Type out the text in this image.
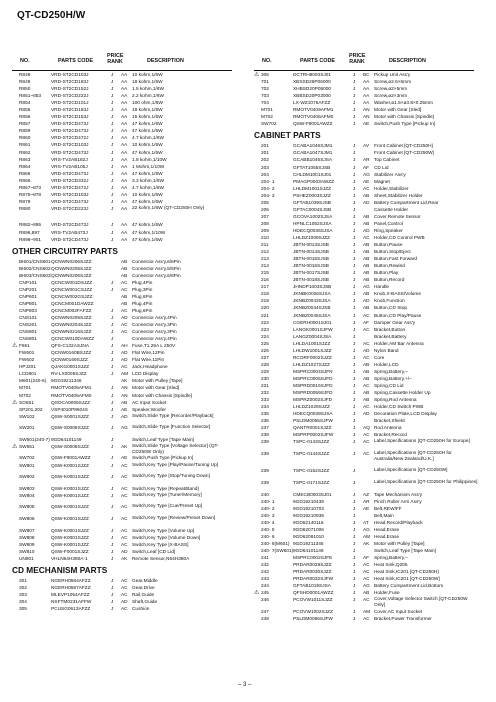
QT-CD250H/W
NO.	PARTS CODE
PRICE
RANK	DESCRIPTION
R848	VRD-ST2CD103J	J	AA 10 kohm,1/6W
R849	VRD-ST2CD183J	J	AA 18 kohm,1/6W
R850	VRD-ST2CD152J	J	AA 1.5 kohm,1/6W
R851~853	VRD-ST2CD222J	J	AA 2.2 kohm,1/6W
R854	VRD-ST2CD101J	J	AA 100 ohm,1/6W
R855	VRD-ST2CD183J	J	AA 18 kohm,1/6W
R856	VRD-ST2CD153J	J	AA 15 kohm,1/6W
R857	VRD-ST2CD473J	J	AA 47 kohm,1/6W
R859	VRD-ST2CD473J	J	AA 47 kohm,1/6W
R860	VRD-ST2CD472J	J	AA 4.7 kohm,1/6W
R861	VRD-ST2CD103J	J	AA 10 kohm,1/6W
R862	VRD-ST2CD473J	J	AA 47 kohm,1/6W
R863	VRS-TV2AB182J	J	AA 1.8 kohm,1/10W
R864	VRS-TV2AB105J	J	AA 1 Mohm,1/10W
R865	VRD-ST2CD473J	J	AA 47 kohm,1/6W
R866	VRD-ST2CD332J	J	AA 3.3 kohm,1/6W
R867~873	VRD-ST2CD472J	J	AA 4.7 kohm,1/6W
R875~878	VRD-ST2CD103J	J	AA 10 kohm,1/6W
R879	VRD-ST2CD473J	J	AA 47 kohm,1/6W
R880	VRD-ST2CD223J	J	AA 22 kohm,1/6W (QT-CD250H Only)
R882~895	VRD-ST2CD473J	J	AA 47 kohm,1/6W
R896,897	VRS-TV2AB473J	J	AA 47 kohm,1/10W
R898~901	VRD-ST2CD473J	J	AA 47 kohm,1/6W
OTHER CIRCUITRY PARTS
BI601/CNS601 QCNWN0206SJZZ	AB Connector Ass'y,6/6Pin
BI602/CNS602 QCNWN0205SJZZ	AB Connector Ass'y,5/5Pin
BI603/CNS603 QCNWN0206SJZZ	AB Connector Ass'y,6/6Pin
CNP101	QCNCW001DSJZZ	J	AC Plug,4Pin
CNP201	QCNCW001CSJZZ	J	AC Plug,3Pin
CNP601	QCNCW002GSJZZ	AB Plug,6Pin
CNP801	QCNCM001DAWZZ	AB Plug,4Pin
CNP803	QCNCM002FAFZZ	J	AC Plug,6Pin
CNS101	QCNWN0205SJZZ	J	AD Connector Ass'y,4Pin
CNS201	QCNWN0204SJZZ	J	AC Connector Ass'y,3Pin
CNS801	QCNWN0216SJZZ	J	AC Connector Ass'y,3Pin
CNS801	QCNCW010DAWZZ	J	Connector Ass'y,4Pin
⚠ F651	QFS-C132ASJNA	J	AH Fuse,T1.25A L 250V
FW601	QCNW0160BSJZZ	J	AD Flat Wire,12Pin
FW602	QCNW0169SJZZ	J	AD Flat Wire,11Pin
HPJ201	QJAKG0001SJZZ	J	AC Jack,Headphone
LCD801	RV-LX0005SJZZ	J	AM LCD Display
M601(240-6)	9GD19211346	AK Motor with Pulley [Tape]
M701	RMOTV0406AFM1	J	AN Motor with Gear [Sled]
M702	RMOTV0406AFM0	J	AN Motor with Chassis [Spindle]
⚠ SO651	QSOCA0005SJZZ	J	AB AC Input Socket
SP201,202	VSP4010P8604S	J	AE Speaker,Woofer
SW102	QSW-S0001SJZZ	J	AD Switch,Slide Type [Recorder/Playback]
SW201	QSW-S0008SJZZ	J	AG Switch,Slide Type [Function Selector]
SW601(240-7) 9GD64101149	J	Switch,Leaf Type [Tape Main]
⚠ SW651	QSW-S0008SJZZ	J	AK Switch,Slide Type [Voltage Selector] (QT-CD250W Only)
SW702	QSW-F9001AWZZ	J	AE Switch,Push Type [Pickup In]
SW801	QSW-K0001SJZZ	J	AC Switch,Key Type [Play/Pause/Tuning Up]
SW802	QSW-K0001SJZZ	J	AC Switch,Key Type [Stop/Tuning Down]
SW803	QSW-K0001SJZZ	J	AC Switch,Key Type [Repeat/Band]
SW804	QSW-K0001SJZZ	J	AC Switch,Key Type [Tuner/Memory]
SW805	QSW-K0001SJZZ	J	AC Switch,Key Type [Cue/Preset Up]
SW806	QSW-K0001SJZZ	J	AC Switch,Key Type [Review/Preset Down]
SW807	QSW-K0001SJZZ	J	AC Switch,Key Type [Volume Up]
SW808	QSW-K0001SJZZ	J	AC Switch,Key Type [Volume Down]
SW809	QSW-K0001SJZZ	J	AC Switch,Key Type [X-BASS]
SW810	QSW-F0001SJZZ	J	AD Switch,Leaf [CD Lid]
UN801	VHLN64H380A-1	J	AK Remote Sensor,N64H380A
CD MECHANISM PARTS
301	NGERH0584AFZZ	J	AC Gear,Middle
302	NGERH0587AFZZ	J	AC Gear,Drive
303	MLEVP1054AFZZ	J	AC Rail,Guide
304	NSFTM0231AFFW	J	AD Shaft,Guide
305	PCUSG0613AFZZ	J	AC Cushion
NO.	PARTS CODE
PRICE
RANK	DESCRIPTION
⚠ 306	DCTRH8003SJ01	J	BC Pickup Unit Ass'y
701	XBSSD26P06000	J	AA Screw,ø2.6×6mm
702	XHBSD20P05000	J	AA Screw,ø2×5mm
703	XBBSD20P03000	J	AA Screw,ø2×3mm
704	LX-WZ1076AFZZ	J	AA Washer,ø1.5×ø3.8×0.25mm
M701	RMOTV0409AFM1	J	AN Motor with Gear [Sled]
M702	RMOTV0406AFM0	J	AN Motor with Chassis [Spindle]
SW702	QSW-F9001AWZZ	J	AE Switch,Push Type [Pickup In]
CABINET PARTS
201	GCABA1046SJM1	J	AV	Front Cabinet [QT-CD250H]
201	GCABA1047SJM1	J	Front Cabinet [QT-CD250W]
202	GCABB1046SJSA	J	AR Top Cabinet
203	GFTAT1055SJSB	J	AF	CD Lid
204	CHLDM1001SJ01	J	AG Stabilizer Ass'y
204- 1	PMAGP0003AWZZ	J	AE Magnet
204- 2	LHLDM1001SJZZ	J	AC Holder,Stabilizer
204- 3	PSHEZ0003SJZZ	J	AB Sheet,Stabilizer Holder
205	GFTAB1039SJSB	J	AD Battery Compartment Lid,Rear
206	GFTAC0004SJSB	J	Cassette Holder
207	GCOVA1002SJSA	J	AB Cover,Remote Sensor
208	HPNLC1052SJSA	J	AB Panel,Control
209	HDECQ0036SJSA	J	AD Ring,Speaker
210	LHLDZ1009SJZZ	J	AC Holder,CD Control PWB
211	JBTN-0013SJSB	J	AB Button,Pause
212	JBTN-0014SJSB	J	AB Button,Stop/Eject
213	JBTN-0015SJSB	J	AB Button,Fast Forward
214	JBTN-0016SJSB	J	AB Button,Rewind
215	JBTN-0017SJSB	J	AB Button,Play
216	JBTN-0018SJSB	J	AB Button,Record
217	JHNDP1003SJSB	J	AG Handle
218	JKNBK0026SJSA	J	AB Knob,X-BASS/Volume
219	JKNBZ0043SJSA	J	AD Knob,Function
220	JKNBZ0044SJSB	J	AB Button,CD Stop
221	JKNBZ0045SJSA	J	AC Button,CD Play/Pause
222	CGERH0001SJ01	J	AF	Damper Gear Ass'y
223	LANGK0001SJFW	J	AC Bracket,Button
224	LANGZ0004SJSA	J	Bracket,Battery
225	LHLDA1001SJZZ	J	AC Holder,AM Bar Antenna
226	LHLDW1001SJZZ	J	AD Nylon Band
227	RCORF0002SJZZ	J	AC Core
228	LHLDZ1027SJZZ	J	AB Holder,LCD
229	MSPRC0004SJFN	J	AB Spring,Battery,–
230	MSPRC0005SJFD	J	AB Spring,Battery,+/–
231	MSPRD0015SJFD	J	AC Spring,CD Lid
232	MSPRD0059SJFD	J	AB Spring,Cassette Holder Up
233	MSPRZ0002SJFD	J	AB Spring,Rod Antenna
234	LHLDZ1029SJZZ	J	AC Holder,CD Switch PWB
235	HDECQ0039SJSA	J	AD Decoration Plate,LCD Display
236	PSLDM0065SJFW	J	Bracket,Shield
237	QANTR0001SJZZ	J	AQ Rod Antenna
238	MSPRP0002SJFW	J	AC Bracket,Record
239	TSPC-0143SJZZ	J	AC Label,Specifications [QT-CD250H for Europe]
239	TSPC-0144SJZZ	J	AC Label,Specifications [QT-CD250H for Australia/New Zealand/U.K.]
239	TSPC-0152SJZZ	J	Label,Specifications [QT-CD250W]
239	TSPC-0171SJZZ	J	Label,Specifications [QT-CD250H for Philippines]
240	CMECB0003SJ01	J	AZ	Tape Mechanism Ass'y
240- 1	9GD19210439	J	AR Pinch Roller Arm Ass'y
240- 2	9GD19210703	J	AE Belt,REW/FF
240- 3	9GD19210939	J	Belt,Main
240- 4	9GD62140116	J	AT	Head,Record/Playback
240- 5	9GD62071006	J	AG Head,Erase
240- 6	9GD62091010	J	AM Head,Erase
240- 6(M601) 9GD19211346	J	AK Motor with Pulley [Tape]
240- 7(SW601) 9GD64101149	J	Switch,Leaf Type [Tape Main]
241	MSPRC0002SJFE	J	AF	Spring,Battery,–
242	PRDAR0029SJZZ	J	AC Heat Sink,Q206
243	PRDAR0030SJZZ	J	AC Heat Sink,IC201 [QT-CD250H]
243	PRDAR0032SJFW	J	AC Heat Sink,IC201 [QT-CD250W]
244	GFTAB1019SJSA	J	AG Battery Compartment Lid,Bottom
⚠ 245	QFSHD0001AWZZ	J	AB Holder,Fuse
246	PCOVW1011SJZZ	J	AC Cover,Voltage Selector Switch [QT-CD250W Only]
247	PCOVW1002SJZZ	J	AM Cover,AC Input Socket
248	PSLDM0066SJFW	J	AC Bracket,Power Transformer
– 3 –
